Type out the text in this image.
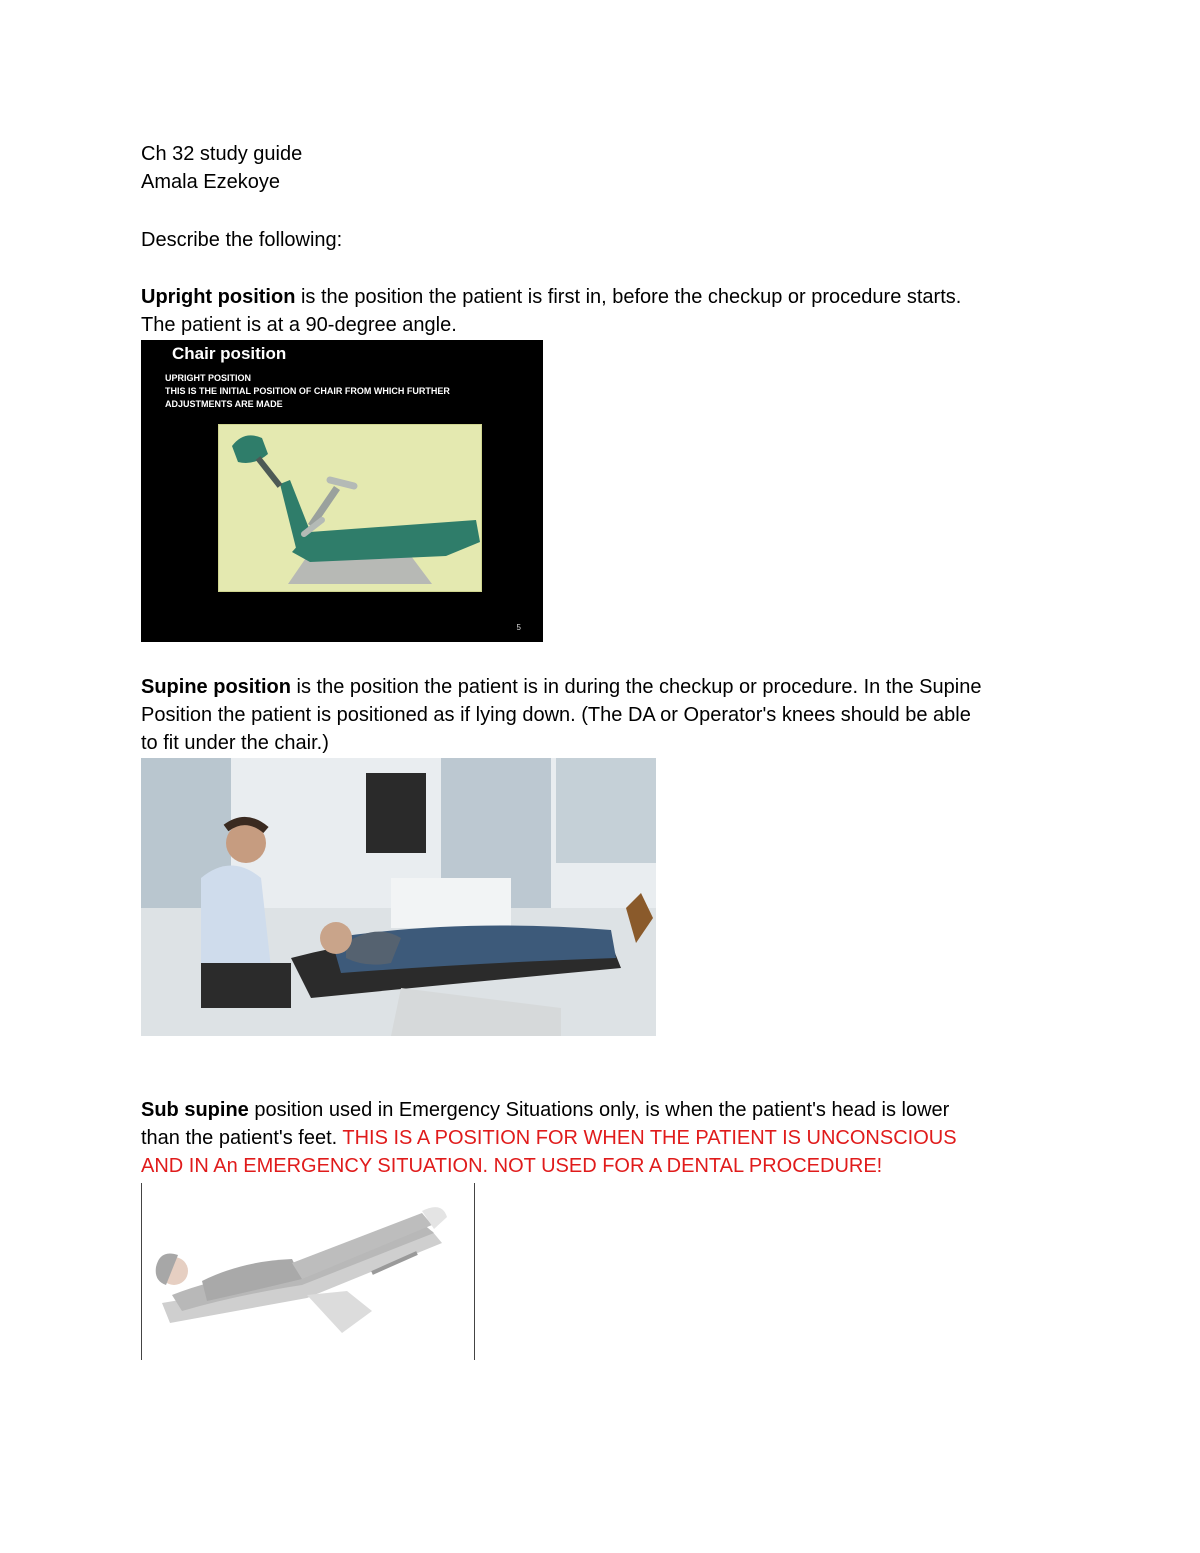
Ch 32 study guide

Amala Ezekoye

Describe the following:

Upright position is the position the patient is first in, before the checkup or procedure starts.

The patient is at a 90-degree angle.

Chair position
UPRIGHT POSITION
THIS IS THE INITIAL POSITION OF CHAIR FROM WHICH FURTHER
ADJUSTMENTS ARE MADE
5

Supine position is the position the patient is in during the checkup or procedure. In the Supine

Position the patient is positioned as if lying down. (The DA or Operator's knees should be able

to fit under the chair.)

Sub supine position used in Emergency Situations only, is when the patient's head is lower

than the patient's feet. THIS IS A POSITION FOR WHEN THE PATIENT IS UNCONSCIOUS

AND IN An EMERGENCY SITUATION. NOT USED FOR A DENTAL PROCEDURE!
